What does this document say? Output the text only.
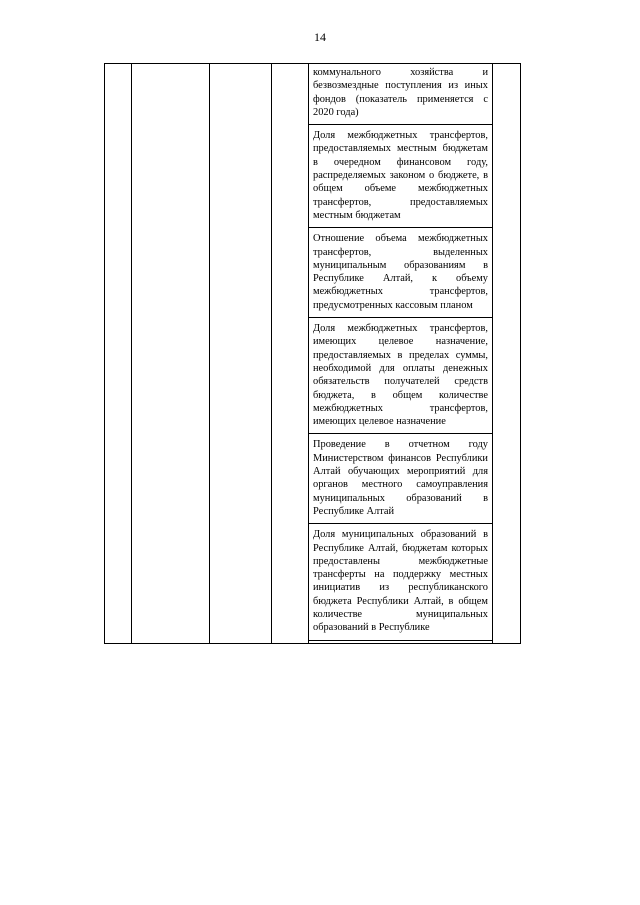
14

коммунального хозяйства и безвозмездные поступления из иных фондов (показатель применяется с 2020 года)

Доля межбюджетных трансфертов, предоставляемых местным бюджетам в очередном финансовом году, распределяемых законом о бюджете, в общем объеме межбюджетных трансфертов, предоставляемых местным бюджетам

Отношение объема межбюджетных трансфертов, выделенных муниципальным образованиям в Республике Алтай, к объему межбюджетных трансфертов, предусмотренных кассовым планом

Доля межбюджетных трансфертов, имеющих целевое назначение, предоставляемых в пределах суммы, необходимой для оплаты денежных обязательств получателей средств бюджета, в общем количестве межбюджетных трансфертов, имеющих целевое назначение

Проведение в отчетном году Министерством финансов Республики Алтай обучающих мероприятий для органов местного самоуправления муниципальных образований в Республике Алтай

Доля муниципальных образований в Республике Алтай, бюджетам которых предоставлены межбюджетные трансферты на поддержку местных инициатив из республиканского бюджета Республики Алтай, в общем количестве муниципальных образований в Республике
